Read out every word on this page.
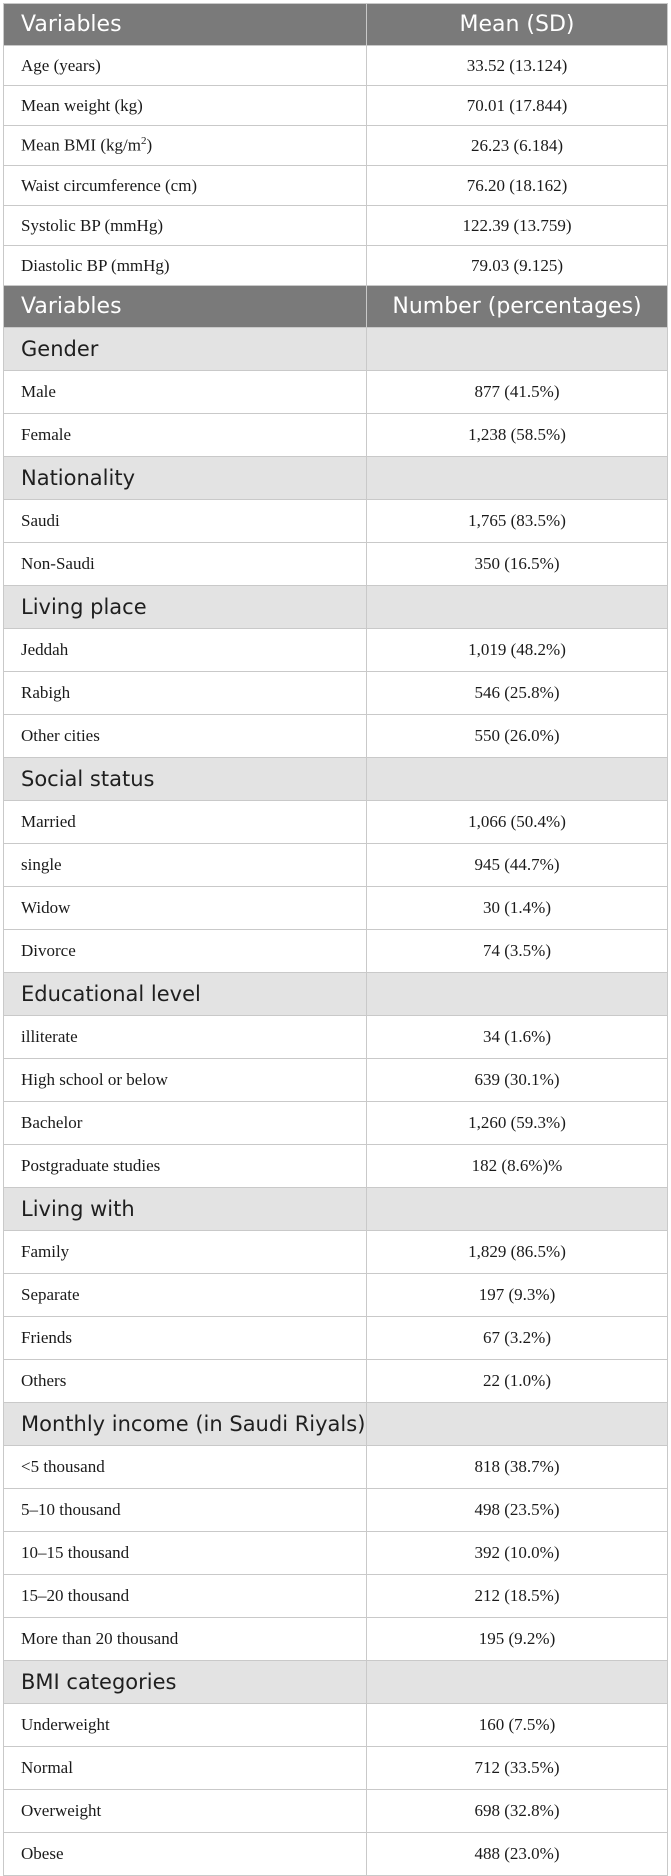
Variables	Mean (SD)
Age (years)	33.52 (13.124)
Mean weight (kg)	70.01 (17.844)
Mean BMI $(kg/m^2)$	26.23 (6.184)
Waist circumference (cm)	76.20 (18.162)
Systolic BP (mmHg)	122.39 (13.759)
Diastolic BP (mmHg)	79.03 (9.125)
Variables	Number (percentages)
Gender	
Male	877 (41.5%)
Female	1,238 (58.5%)
Nationality	
Saudi	1,765 (83.5%)
Non-Saudi	350 (16.5%)
Living place	
Jeddah	1,019 (48.2%)
Rabigh	546 (25.8%)
Other cities	550 (26.0%)
Social status	
Married	1,066 (50.4%)
single	945 (44.7%)
Widow	30 (1.4%)
Divorce	74 (3.5%)
Educational level	
illiterate	34 (1.6%)
High school or below	639 (30.1%)
Bachelor	1,260 (59.3%)
Postgraduate studies	182 (8.6%)%
Living with	
Family	1,829 (86.5%)
Separate	197 (9.3%)
Friends	67 (3.2%)
Others	22 (1.0%)
Monthly income (in Saudi Riyals)	
<5 thousand	818 (38.7%)
5–10 thousand	498 (23.5%)
10–15 thousand	392 (10.0%)
15–20 thousand	212 (18.5%)
More than 20 thousand	195 (9.2%)
BMI categories	
Underweight	160 (7.5%)
Normal	712 (33.5%)
Overweight	698 (32.8%)
Obese	488 (23.0%)
